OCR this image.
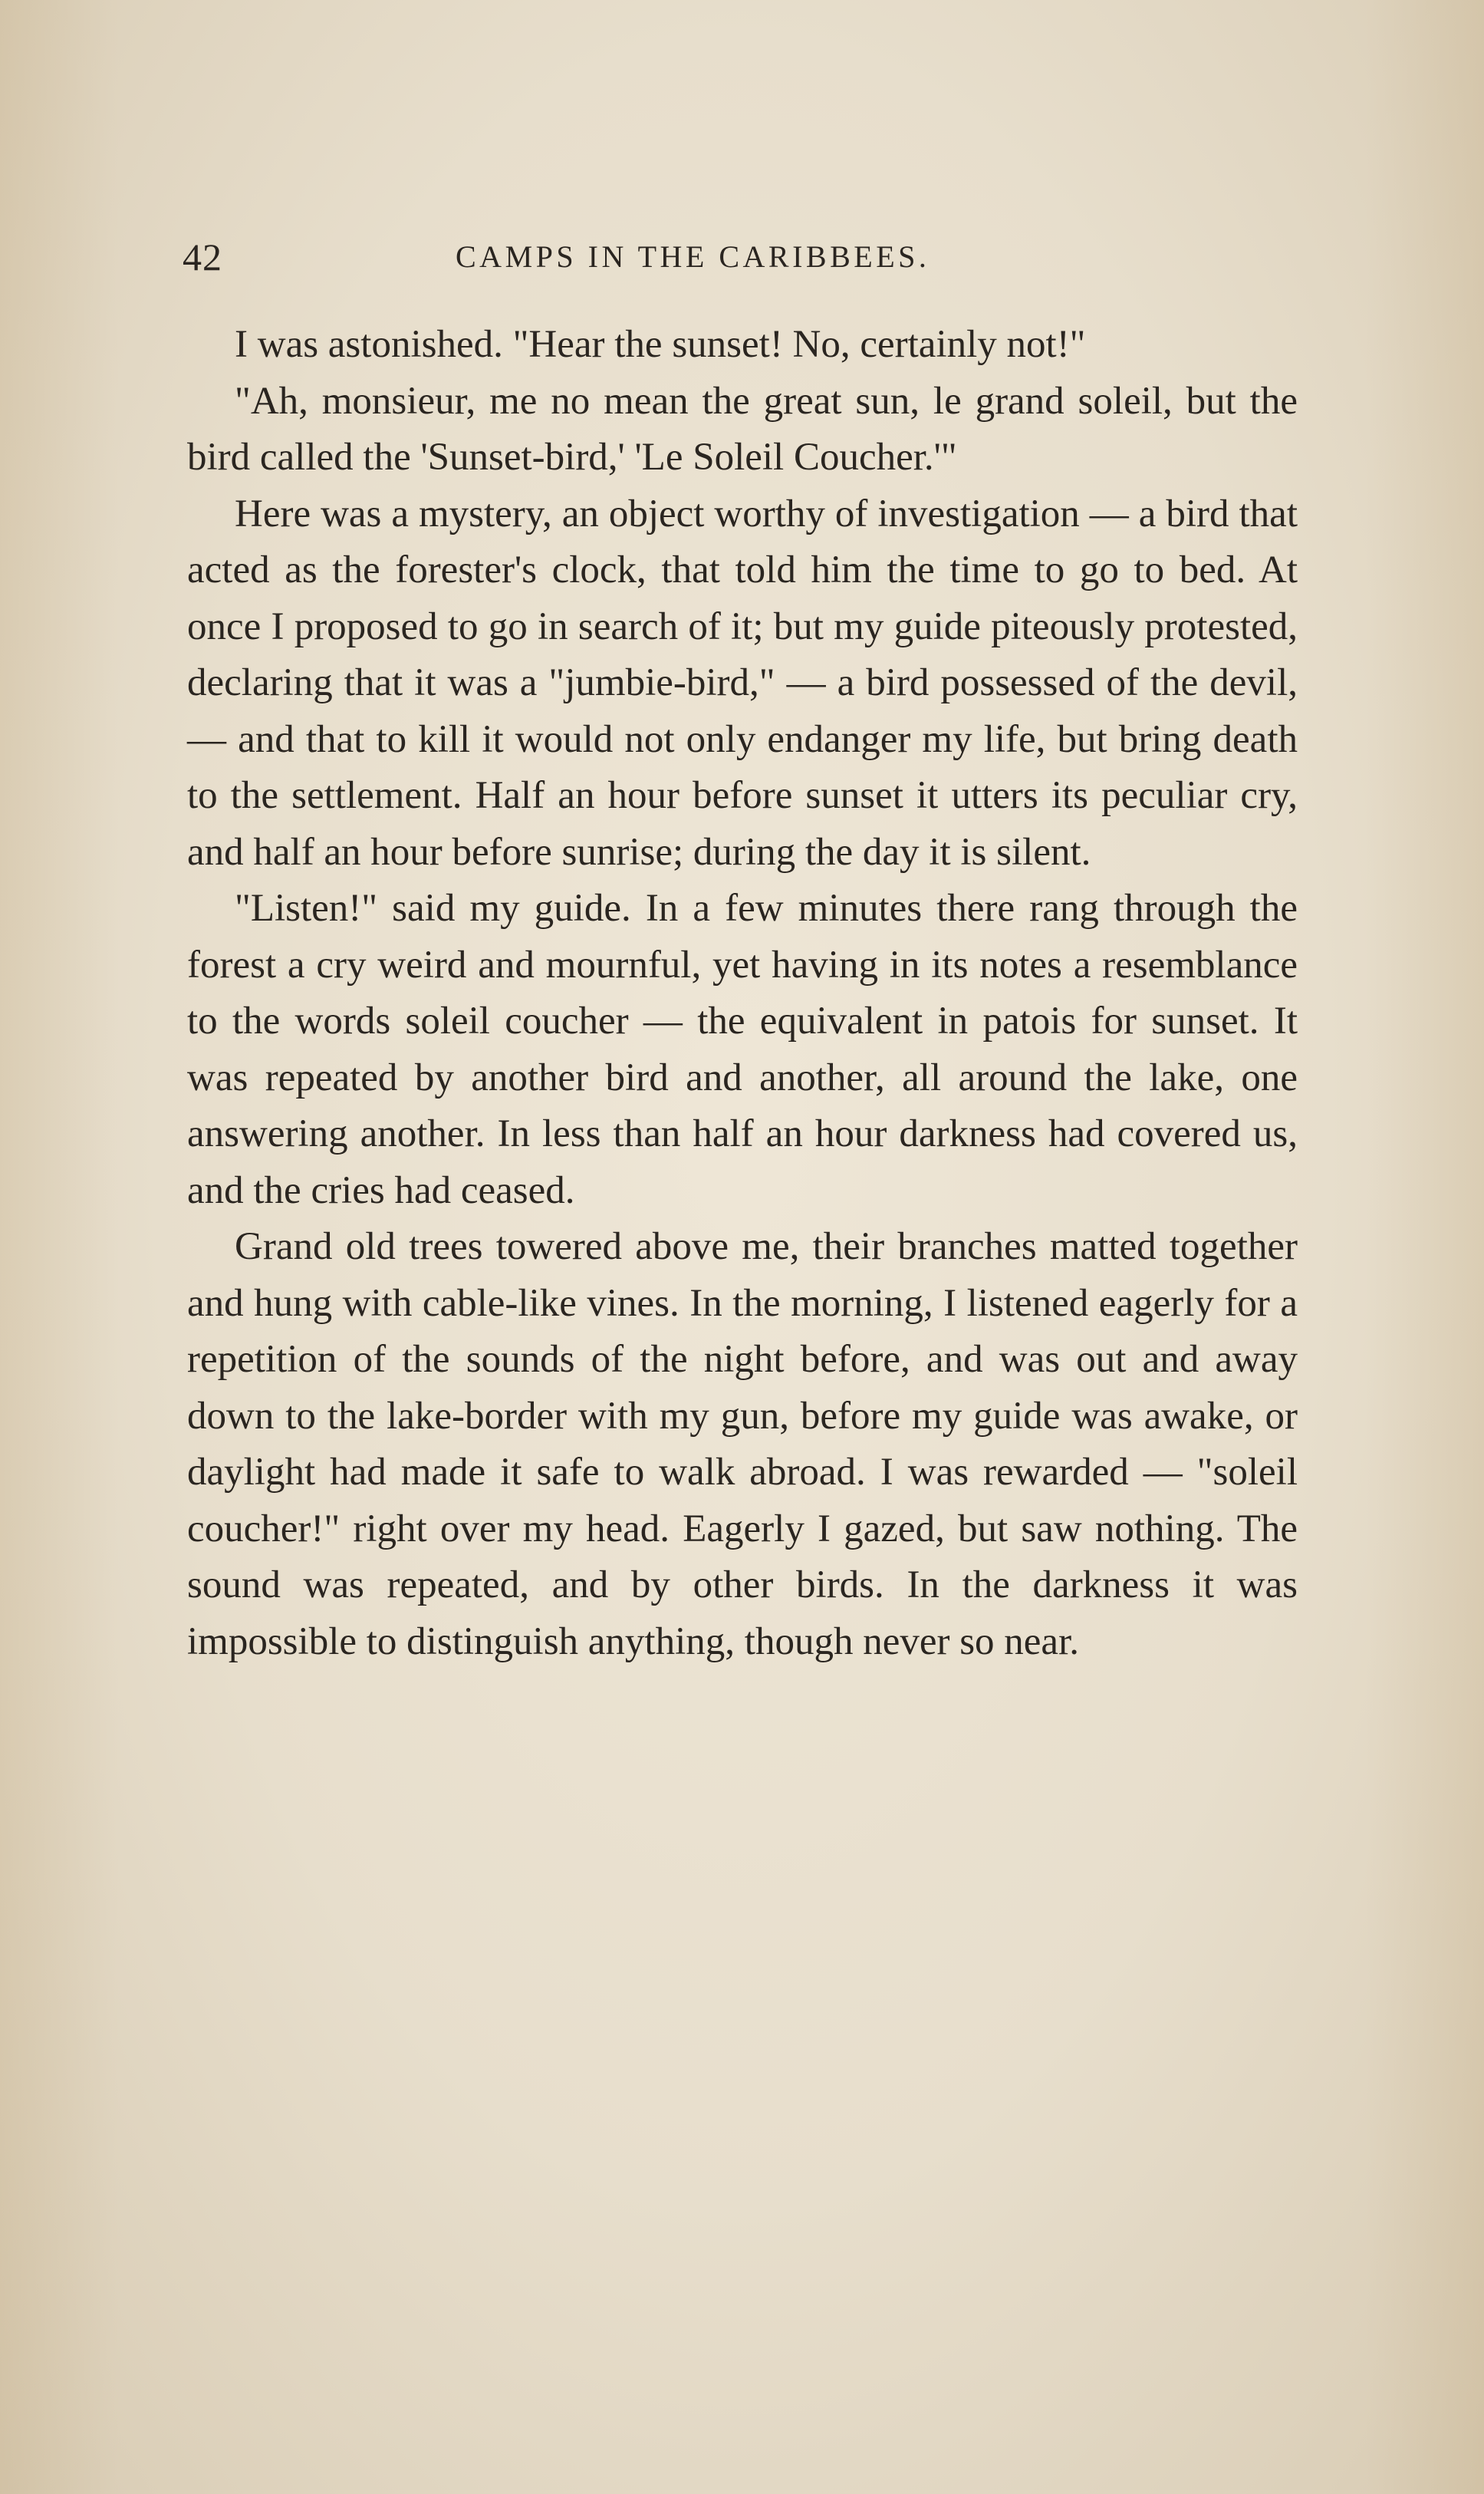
42	CAMPS IN THE CARIBBEES.

I was astonished. "Hear the sunset! No, certainly not!"

"Ah, monsieur, me no mean the great sun, le grand soleil, but the bird called the 'Sunset-bird,' 'Le Soleil Coucher.'"

Here was a mystery, an object worthy of investigation — a bird that acted as the forester's clock, that told him the time to go to bed. At once I proposed to go in search of it; but my guide piteously protested, declaring that it was a "jumbie-bird," — a bird possessed of the devil, — and that to kill it would not only endanger my life, but bring death to the settlement. Half an hour before sunset it utters its peculiar cry, and half an hour before sunrise; during the day it is silent.

"Listen!" said my guide. In a few minutes there rang through the forest a cry weird and mournful, yet having in its notes a resemblance to the words soleil coucher — the equivalent in patois for sunset. It was repeated by another bird and another, all around the lake, one answering another. In less than half an hour darkness had covered us, and the cries had ceased.

Grand old trees towered above me, their branches matted together and hung with cable-like vines. In the morning, I listened eagerly for a repetition of the sounds of the night before, and was out and away down to the lake-border with my gun, before my guide was awake, or daylight had made it safe to walk abroad. I was rewarded — "soleil coucher!" right over my head. Eagerly I gazed, but saw nothing. The sound was repeated, and by other birds. In the darkness it was impossible to distinguish anything, though never so near.
